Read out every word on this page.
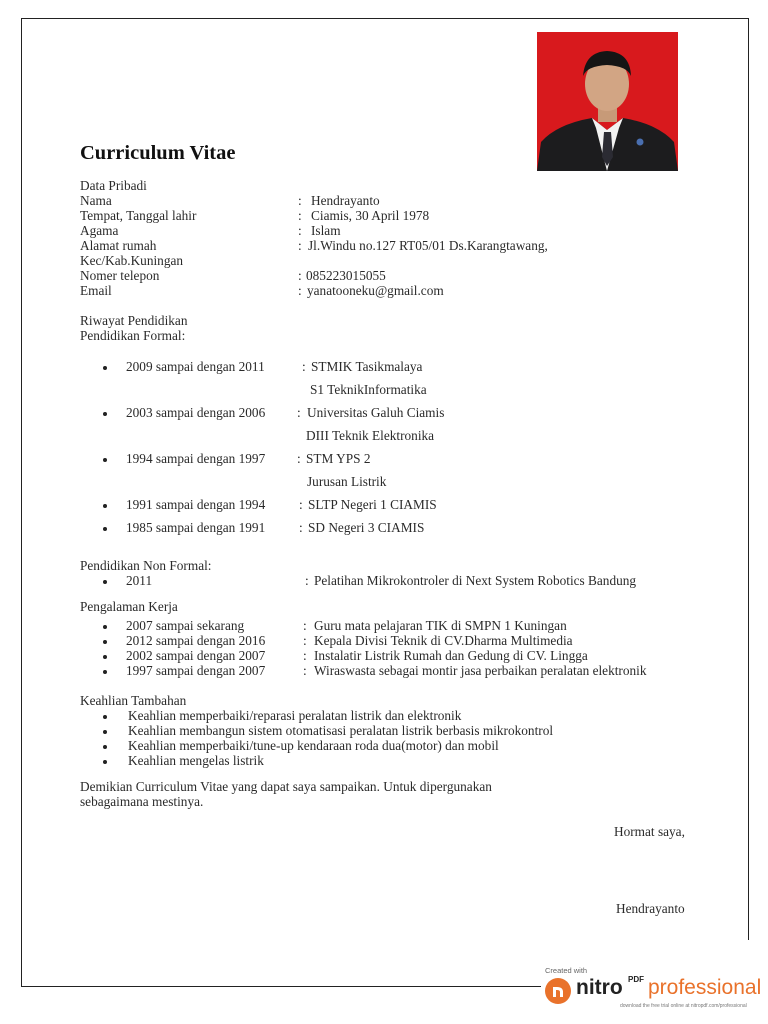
Curriculum Vitae
Data Pribadi
Nama	: Hendrayanto
Tempat, Tanggal lahir	: Ciamis, 30 April 1978
Agama	: Islam
Alamat rumah	: Jl.Windu no.127 RT05/01 Ds.Karangtawang,
Kec/Kab.Kuningan
Nomer telepon	: 085223015055
Email	: yanatooneku@gmail.com
Riwayat Pendidikan
Pendidikan Formal:
2009 sampai dengan 2011	: STMIK Tasikmalaya
S1 TeknikInformatika
2003 sampai dengan 2006 : Universitas Galuh Ciamis
DIII Teknik Elektronika
1994 sampai dengan 1997 : STM YPS 2
Jurusan Listrik
1991 sampai dengan 1994	: SLTP Negeri 1 CIAMIS
1985 sampai dengan 1991	: SD Negeri 3 CIAMIS
Pendidikan Non Formal:
2011	: Pelatihan Mikrokontroler di Next System Robotics Bandung
Pengalaman Kerja
2007 sampai sekarang	: Guru mata pelajaran TIK di SMPN 1 Kuningan
2012 sampai dengan 2016	: Kepala Divisi Teknik di CV.Dharma Multimedia
2002 sampai dengan 2007	: Instalatir Listrik Rumah dan Gedung di CV. Lingga
1997 sampai dengan 2007	: Wiraswasta sebagai montir jasa perbaikan peralatan elektronik
Keahlian Tambahan
Keahlian memperbaiki/reparasi peralatan listrik dan elektronik
Keahlian membangun sistem otomatisasi peralatan listrik berbasis mikrokontrol
Keahlian memperbaiki/tune-up kendaraan roda dua(motor) dan mobil
Keahlian mengelas listrik
Demikian Curriculum Vitae yang dapat saya sampaikan. Untuk dipergunakan
sebagaimana mestinya.
Hormat saya,
Hendrayanto
Created with
nitro PDF professional
download the free trial online at nitropdf.com/professional
